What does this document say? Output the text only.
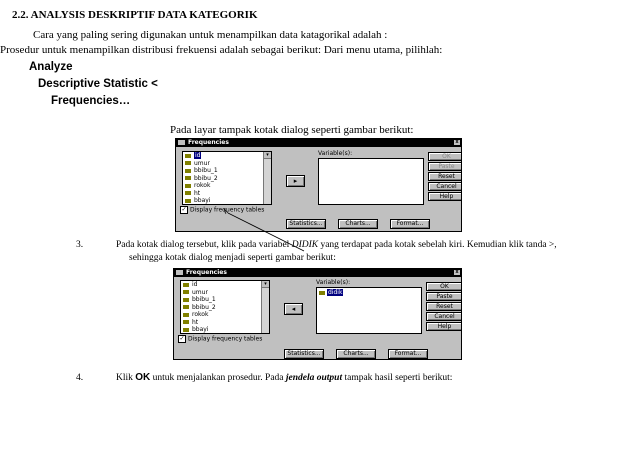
2.2. ANALYSIS DESKRIPTIF DATA KATEGORIK
Cara yang paling sering digunakan untuk menampilkan data katagorikal adalah :
Prosedur untuk menampilkan distribusi frekuensi adalah sebagai berikut: Dari menu utama, pilihlah:
Analyze
Descriptive Statistic <
Frequencies…
Pada layar tampak kotak dialog seperti gambar berikut:
Frequencies	x
id
umur
bbibu_1
bbibu_2
rokok
ht
bbayi
▾
▸
Variable(s):	OK
Paste
Reset
Cancel
Help
✓ Display frequency tables
Statistics...	Charts...	Format...
3.	Pada kotak dialog tersebut, klik pada variabel DIDIK yang terdapat pada kotak sebelah kiri. Kemudian klik tanda >,
sehingga kotak dialog menjadi seperti gambar berikut:
Frequencies	x
id
umur
bbibu_1
bbibu_2
rokok
ht
bbayi
▾
◂
Variable(s):
didik
OK
Paste
Reset
Cancel
Help
✓ Display frequency tables
Statistics...	Charts...	Format...
4.	Klik OK untuk menjalankan prosedur. Pada jendela output tampak hasil seperti berikut:
